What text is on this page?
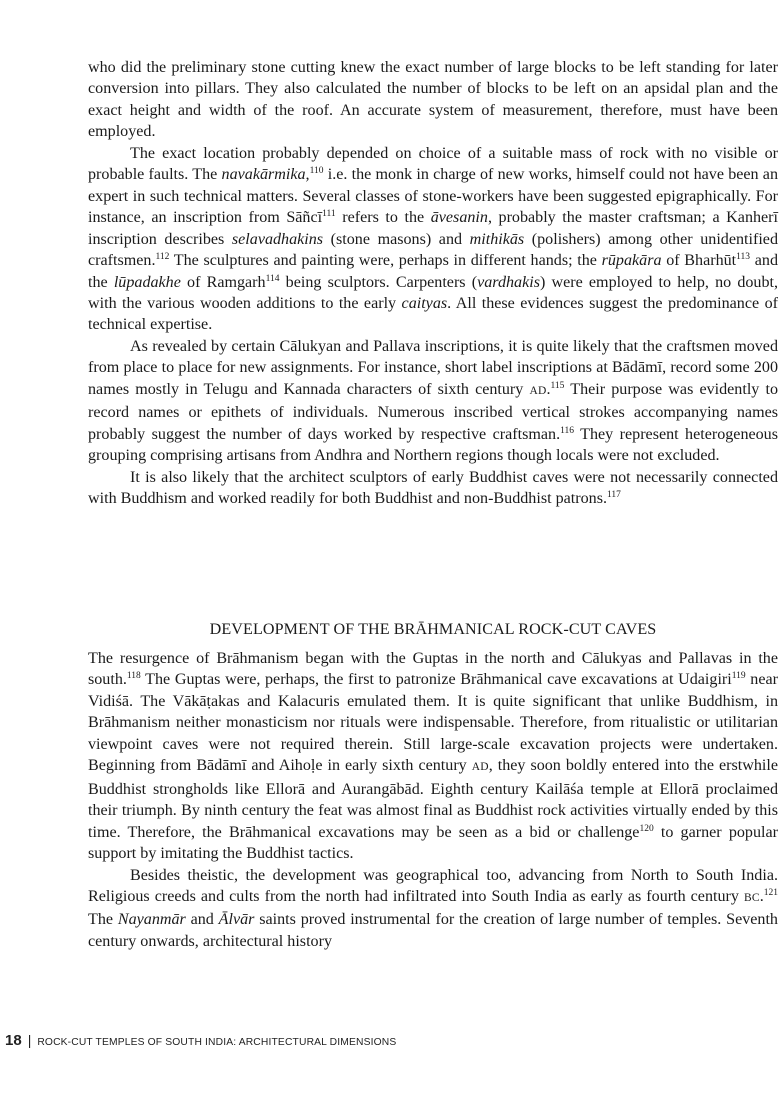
who did the preliminary stone cutting knew the exact number of large blocks to be left standing for later conversion into pillars. They also calculated the number of blocks to be left on an apsidal plan and the exact height and width of the roof. An accurate system of measurement, therefore, must have been employed.

The exact location probably depended on choice of a suitable mass of rock with no visible or probable faults. The navakārmika,$^{110}$ i.e. the monk in charge of new works, himself could not have been an expert in such technical matters. Several classes of stone-workers have been suggested epigraphically. For instance, an inscription from Sāñcī$^{111}$ refers to the āvesanin, probably the master craftsman; a Kanherī inscription describes selavadhakins (stone masons) and mithikās (polishers) among other unidentified craftsmen.$^{112}$ The sculptures and painting were, perhaps in different hands; the rūpakāra of Bharhūt$^{113}$ and the lūpadakhe of Ramgarh$^{114}$ being sculptors. Carpenters (vardhakis) were employed to help, no doubt, with the various wooden additions to the early caityas. All these evidences suggest the predominance of technical expertise.

As revealed by certain Cālukyan and Pallava inscriptions, it is quite likely that the craftsmen moved from place to place for new assignments. For instance, short label inscriptions at Bādāmī, record some 200 names mostly in Telugu and Kannada characters of sixth century AD.$^{115}$ Their purpose was evidently to record names or epithets of individuals. Numerous inscribed vertical strokes accompanying names probably suggest the number of days worked by respective craftsman.$^{116}$ They represent heterogeneous grouping comprising artisans from Andhra and Northern regions though locals were not excluded.

It is also likely that the architect sculptors of early Buddhist caves were not necessarily connected with Buddhism and worked readily for both Buddhist and non-Buddhist patrons.$^{117}$

DEVELOPMENT OF THE BRĀHMANICAL ROCK-CUT CAVES

The resurgence of Brāhmanism began with the Guptas in the north and Cālukyas and Pallavas in the south.$^{118}$ The Guptas were, perhaps, the first to patronize Brāhmanical cave excavations at Udaigiri$^{119}$ near Vidiśā. The Vākāṭakas and Kalacuris emulated them. It is quite significant that unlike Buddhism, in Brāhmanism neither monasticism nor rituals were indispensable. Therefore, from ritualistic or utilitarian viewpoint caves were not required therein. Still large-scale excavation projects were undertaken. Beginning from Bādāmī and Aihoḷe in early sixth century AD, they soon boldly entered into the erstwhile Buddhist strongholds like Ellorā and Aurangābād. Eighth century Kailāśa temple at Ellorā proclaimed their triumph. By ninth century the feat was almost final as Buddhist rock activities virtually ended by this time. Therefore, the Brāhmanical excavations may be seen as a bid or challenge$^{120}$ to garner popular support by imitating the Buddhist tactics.

Besides theistic, the development was geographical too, advancing from North to South India. Religious creeds and cults from the north had infiltrated into South India as early as fourth century BC.$^{121}$ The Nayanmār and Ālvār saints proved instrumental for the creation of large number of temples. Seventh century onwards, architectural history

18 | ROCK-CUT TEMPLES OF SOUTH INDIA: ARCHITECTURAL DIMENSIONS
